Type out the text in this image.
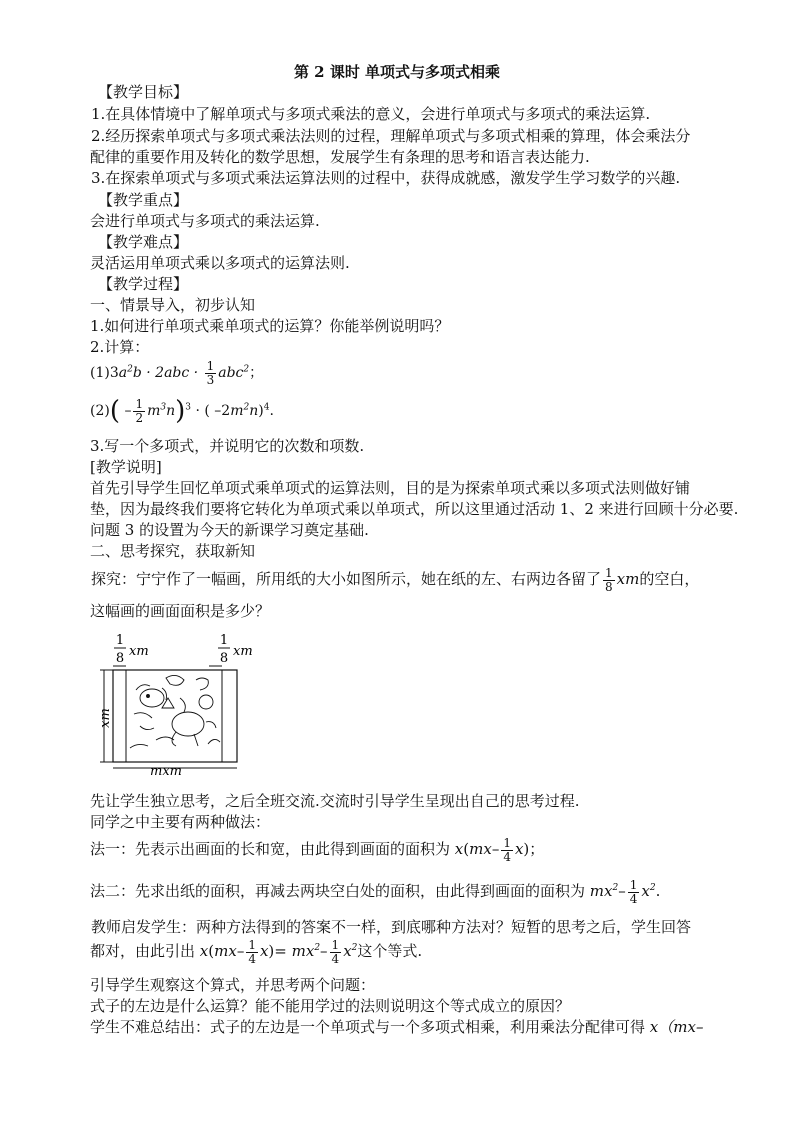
第 2 课时 单项式与多项式相乘
【教学目标】
1.在具体情境中了解单项式与多项式乘法的意义，会进行单项式与多项式的乘法运算.
2.经历探索单项式与多项式乘法法则的过程，理解单项式与多项式相乘的算理，体会乘法分
配律的重要作用及转化的数学思想，发展学生有条理的思考和语言表达能力.
3.在探索单项式与多项式乘法运算法则的过程中，获得成就感，激发学生学习数学的兴趣.
【教学重点】
会进行单项式与多项式的乘法运算.
【教学难点】
灵活运用单项式乘以多项式的运算法则.
【教学过程】
一、情景导入，初步认知
1.如何进行单项式乘单项式的运算？你能举例说明吗？
2.计算：
$(1)3a^2b \cdot 2abc \cdot \frac{1}{3} abc^2$；
$(2)( - \frac{1}{2} m^3n)^3$ · ( $-2m^2n)^4$.
3.写一个多项式，并说明它的次数和项数.
[教学说明]
首先引导学生回忆单项式乘单项式的运算法则，目的是为探索单项式乘以多项式法则做好铺
垫，因为最终我们要将它转化为单项式乘以单项式，所以这里通过活动 1、2 来进行回顾十分必要.
问题 3 的设置为今天的新课学习奠定基础.
二、思考探究，获取新知
探究：宁宁作了一幅画，所用纸的大小如图所示，她在纸的左、右两边各留了 $\frac{1}{8}$ xm的空白，
这幅画的画面面积是多少？
1
8 xm
1
8 xm
xm
mxm
先让学生独立思考，之后全班交流.交流时引导学生呈现出自己的思考过程.
同学之中主要有两种做法：
法一：先表示出画面的长和宽，由此得到画面的面积为 $x(mx- \frac{1}{4} x)$；
法二：先求出纸的面积，再减去两块空白处的面积，由此得到画面的面积为 $mx^2- \frac{1}{4} x^2$.
教师启发学生：两种方法得到的答案不一样，到底哪种方法对？短暂的思考之后，学生回答
都对，由此引出 $x(mx- \frac{1}{4} x)= mx^2- \frac{1}{4} x^2$这个等式.
引导学生观察这个算式，并思考两个问题：
式子的左边是什么运算？能不能用学过的法则说明这个等式成立的原因？
学生不难总结出：式子的左边是一个单项式与一个多项式相乘，利用乘法分配律可得 x（mx–
